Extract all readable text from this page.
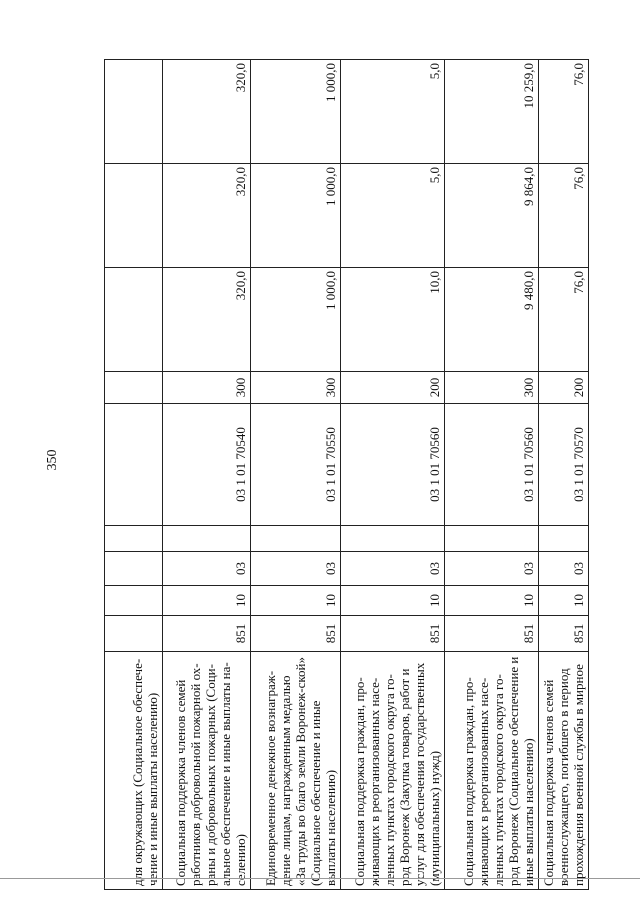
350
для окружающих (Социальное обеспече-чение и иные выплаты населению)									
Социальная поддержка членов семей работников добровольной пожарной ох-раны и добровольных пожарных (Соци-альное обеспечение и иные выплаты на-селению)	851	10	03		03 1 01 70540	300	320,0	320,0	320,0
Единовременное денежное вознаграж-дение лицам, награжденным медалью «За труды во благо земли Воронеж-ской» (Социальное обеспечение и иные выплаты населению)	851	10	03		03 1 01 70550	300	1 000,0	1 000,0	1 000,0
Социальная поддержка граждан, про-живающих в реорганизованных насе-ленных пунктах городского округа го-род Воронеж (Закупка товаров, работ и услуг для обеспечения государственных (муниципальных) нужд)	851	10	03		03 1 01 70560	200	10,0	5,0	5,0
Социальная поддержка граждан, про-живающих в реорганизованных насе-ленных пунктах городского округа го-род Воронеж (Социальное обеспечение и иные выплаты населению)	851	10	03		03 1 01 70560	300	9 480,0	9 864,0	10 259,0
Социальная поддержка членов семей военнослужащего, погибшего в период прохождения военной службы в мирное	851	10	03		03 1 01 70570	200	76,0	76,0	76,0
